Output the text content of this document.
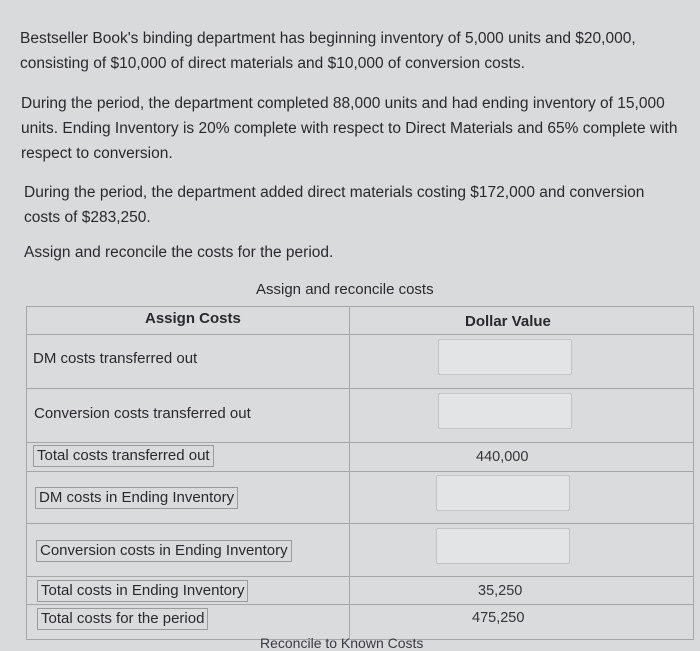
Bestseller Book's binding department has beginning inventory of 5,000 units and $20,000, consisting of $10,000 of direct materials and $10,000 of conversion costs.

During the period, the department completed 88,000 units and had ending inventory of 15,000 units. Ending Inventory is 20% complete with respect to Direct Materials and 65% complete with respect to conversion.

During the period, the department added direct materials costing $172,000 and conversion costs of $283,250.

Assign and reconcile the costs for the period.

Assign and reconcile costs
Assign Costs	Dollar Value
DM costs transferred out
Conversion costs transferred out
Total costs transferred out	440,000
DM costs in Ending Inventory
Conversion costs in Ending Inventory
Total costs in Ending Inventory	35,250
Total costs for the period	475,250
Reconcile to Known Costs
